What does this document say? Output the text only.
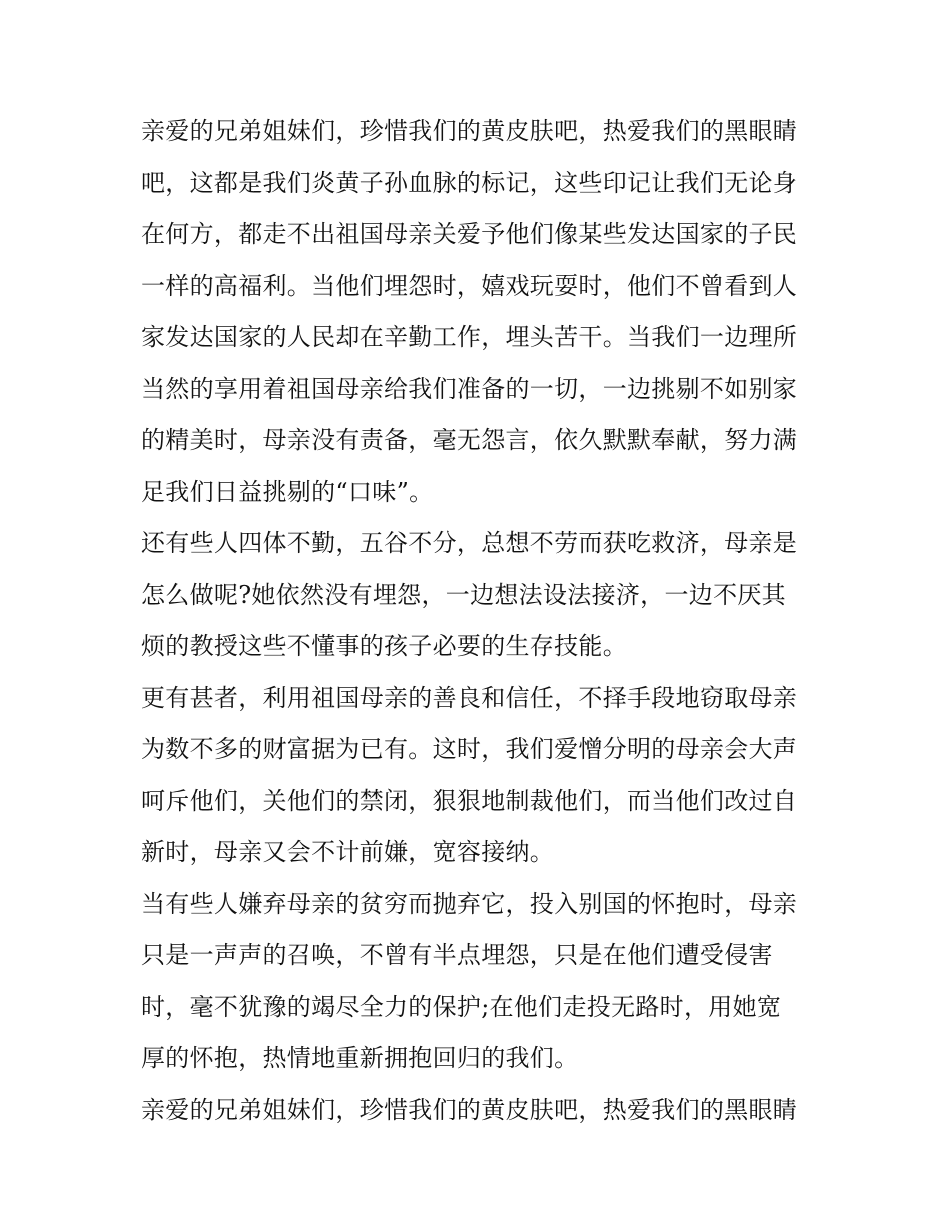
亲爱的兄弟姐妹们，珍惜我们的黄皮肤吧，热爱我们的黑眼睛
吧，这都是我们炎黄子孙血脉的标记，这些印记让我们无论身
在何方，都走不出祖国母亲关爱予他们像某些发达国家的子民
一样的高福利。当他们埋怨时，嬉戏玩耍时，他们不曾看到人
家发达国家的人民却在辛勤工作，埋头苦干。当我们一边理所
当然的享用着祖国母亲给我们准备的一切，一边挑剔不如别家
的精美时，母亲没有责备，毫无怨言，依久默默奉献，努力满
足我们日益挑剔的“口味”。
还有些人四体不勤，五谷不分，总想不劳而获吃救济，母亲是
怎么做呢?她依然没有埋怨，一边想法设法接济，一边不厌其
烦的教授这些不懂事的孩子必要的生存技能。
更有甚者，利用祖国母亲的善良和信任，不择手段地窃取母亲
为数不多的财富据为已有。这时，我们爱憎分明的母亲会大声
呵斥他们，关他们的禁闭，狠狠地制裁他们，而当他们改过自
新时，母亲又会不计前嫌，宽容接纳。
当有些人嫌弃母亲的贫穷而抛弃它，投入别国的怀抱时，母亲
只是一声声的召唤，不曾有半点埋怨，只是在他们遭受侵害
时，毫不犹豫的竭尽全力的保护;在他们走投无路时，用她宽
厚的怀抱，热情地重新拥抱回归的我们。
亲爱的兄弟姐妹们，珍惜我们的黄皮肤吧，热爱我们的黑眼睛
